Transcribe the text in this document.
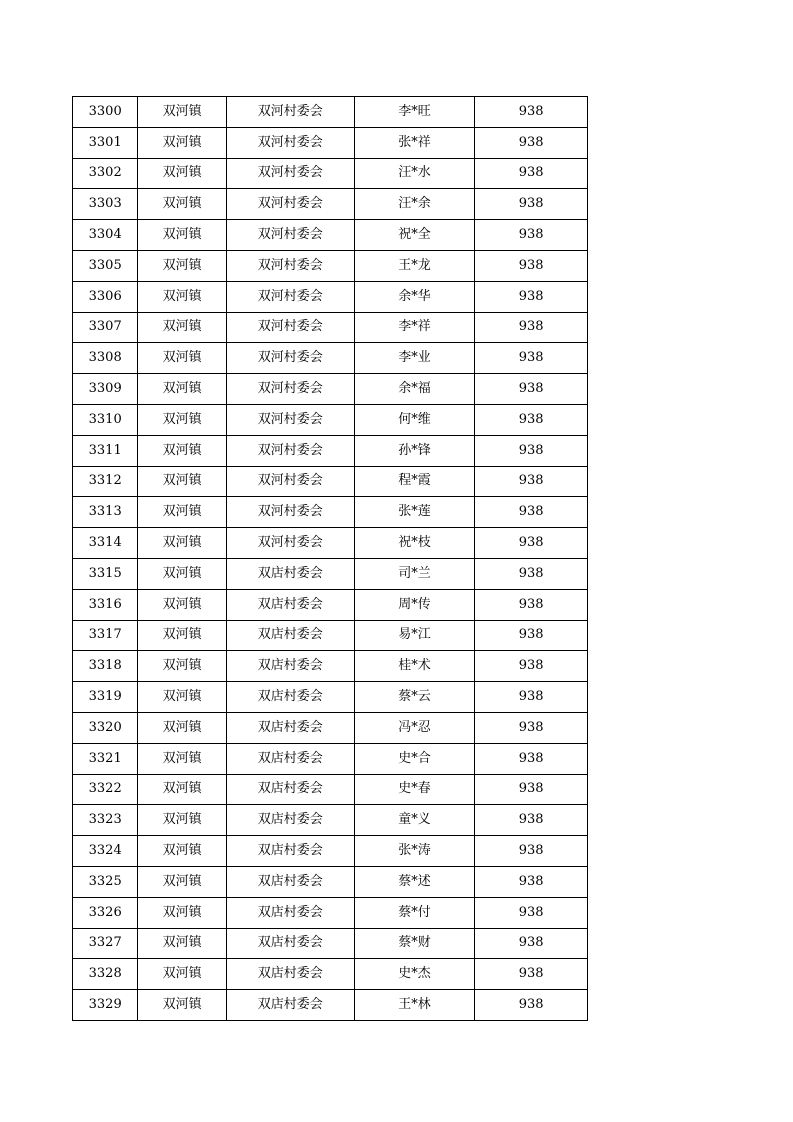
3300	双河镇	双河村委会	李*旺	938
3301	双河镇	双河村委会	张*祥	938
3302	双河镇	双河村委会	汪*水	938
3303	双河镇	双河村委会	汪*余	938
3304	双河镇	双河村委会	祝*全	938
3305	双河镇	双河村委会	王*龙	938
3306	双河镇	双河村委会	余*华	938
3307	双河镇	双河村委会	李*祥	938
3308	双河镇	双河村委会	李*业	938
3309	双河镇	双河村委会	余*福	938
3310	双河镇	双河村委会	何*维	938
3311	双河镇	双河村委会	孙*锋	938
3312	双河镇	双河村委会	程*霞	938
3313	双河镇	双河村委会	张*莲	938
3314	双河镇	双河村委会	祝*枝	938
3315	双河镇	双店村委会	司*兰	938
3316	双河镇	双店村委会	周*传	938
3317	双河镇	双店村委会	易*江	938
3318	双河镇	双店村委会	桂*术	938
3319	双河镇	双店村委会	蔡*云	938
3320	双河镇	双店村委会	冯*忍	938
3321	双河镇	双店村委会	史*合	938
3322	双河镇	双店村委会	史*春	938
3323	双河镇	双店村委会	童*义	938
3324	双河镇	双店村委会	张*涛	938
3325	双河镇	双店村委会	蔡*述	938
3326	双河镇	双店村委会	蔡*付	938
3327	双河镇	双店村委会	蔡*财	938
3328	双河镇	双店村委会	史*杰	938
3329	双河镇	双店村委会	王*林	938
